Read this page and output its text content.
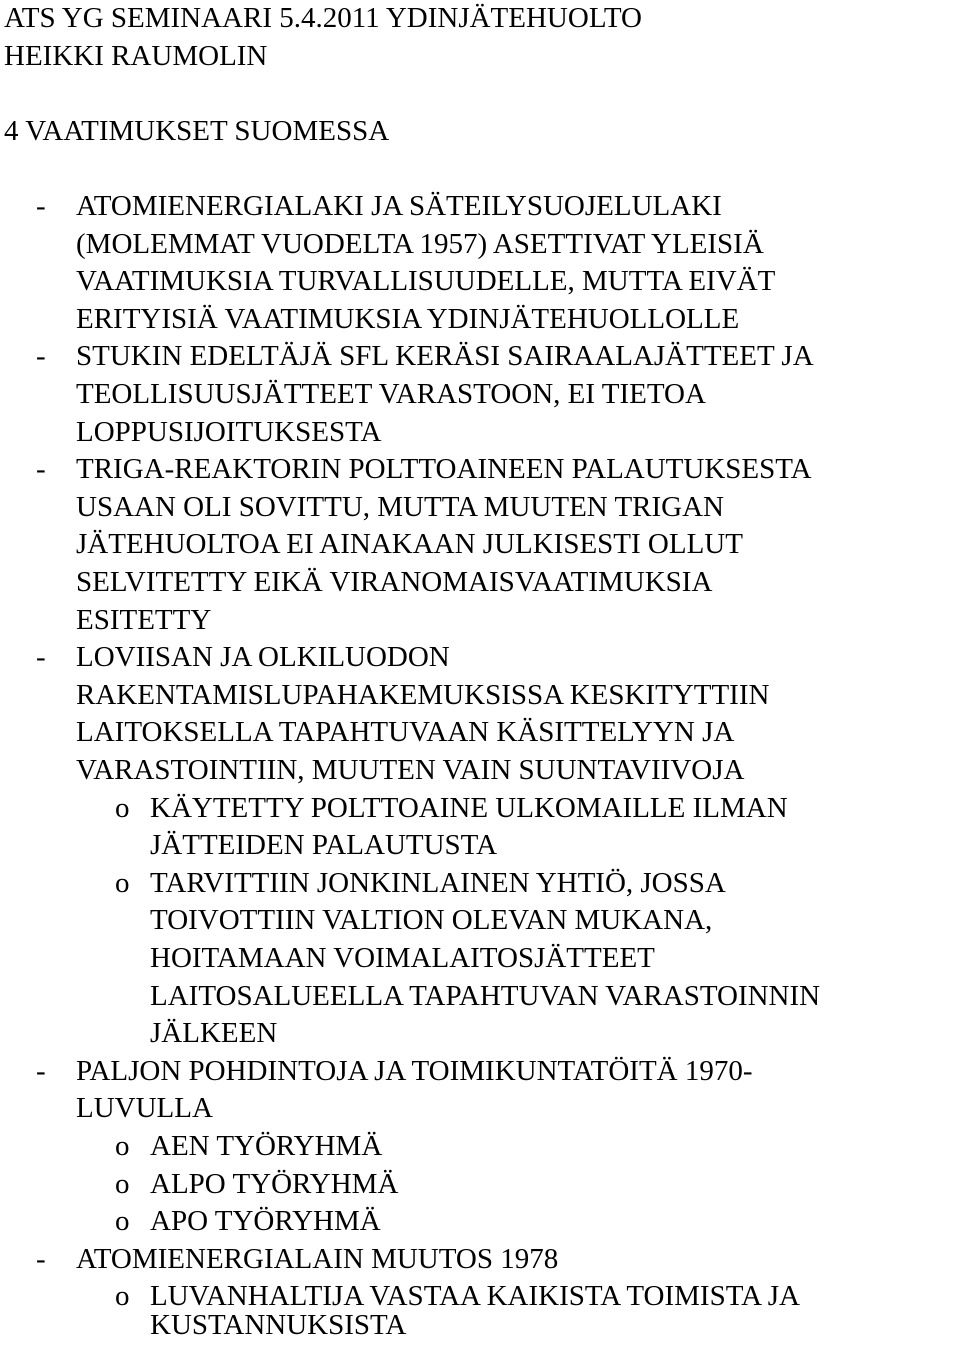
ATS YG SEMINAARI 5.4.2011 YDINJÄTEHUOLTO
HEIKKI RAUMOLIN
4 VAATIMUKSET SUOMESSA
- ATOMIENERGIALAKI JA SÄTEILYSUOJELULAKI
(MOLEMMAT VUODELTA 1957) ASETTIVAT YLEISIÄ
VAATIMUKSIA TURVALLISUUDELLE, MUTTA EIVÄT
ERITYISIÄ VAATIMUKSIA YDINJÄTEHUOLLOLLE
- STUKIN EDELTÄJÄ SFL KERÄSI SAIRAALAJÄTTEET JA
TEOLLISUUSJÄTTEET VARASTOON, EI TIETOA
LOPPUSIJOITUKSESTA
- TRIGA-REAKTORIN POLTTOAINEEN PALAUTUKSESTA
USAAN OLI SOVITTU, MUTTA MUUTEN TRIGAN
JÄTEHUOLTOA EI AINAKAAN JULKISESTI OLLUT
SELVITETTY EIKÄ VIRANOMAISVAATIMUKSIA
ESITETTY
- LOVIISAN JA OLKILUODON
RAKENTAMISLUPAHAKEMUKSISSA KESKITYTTIIN
LAITOKSELLA TAPAHTUVAAN KÄSITTELYYN JA
VARASTOINTIIN, MUUTEN VAIN SUUNTAVIIVOJA
o KÄYTETTY POLTTOAINE ULKOMAILLE ILMAN
JÄTTEIDEN PALAUTUSTA
o TARVITTIIN JONKINLAINEN YHTIÖ, JOSSA
TOIVOTTIIN VALTION OLEVAN MUKANA,
HOITAMAAN VOIMALAITOSJÄTTEET
LAITOSALUEELLA TAPAHTUVAN VARASTOINNIN
JÄLKEEN
- PALJON POHDINTOJA JA TOIMIKUNTATÖITÄ 1970-
LUVULLA
o AEN TYÖRYHMÄ
o ALPO TYÖRYHMÄ
o APO TYÖRYHMÄ
- ATOMIENERGIALAIN MUUTOS 1978
o LUVANHALTIJA VASTAA KAIKISTA TOIMISTA JA
KUSTANNUKSISTA
